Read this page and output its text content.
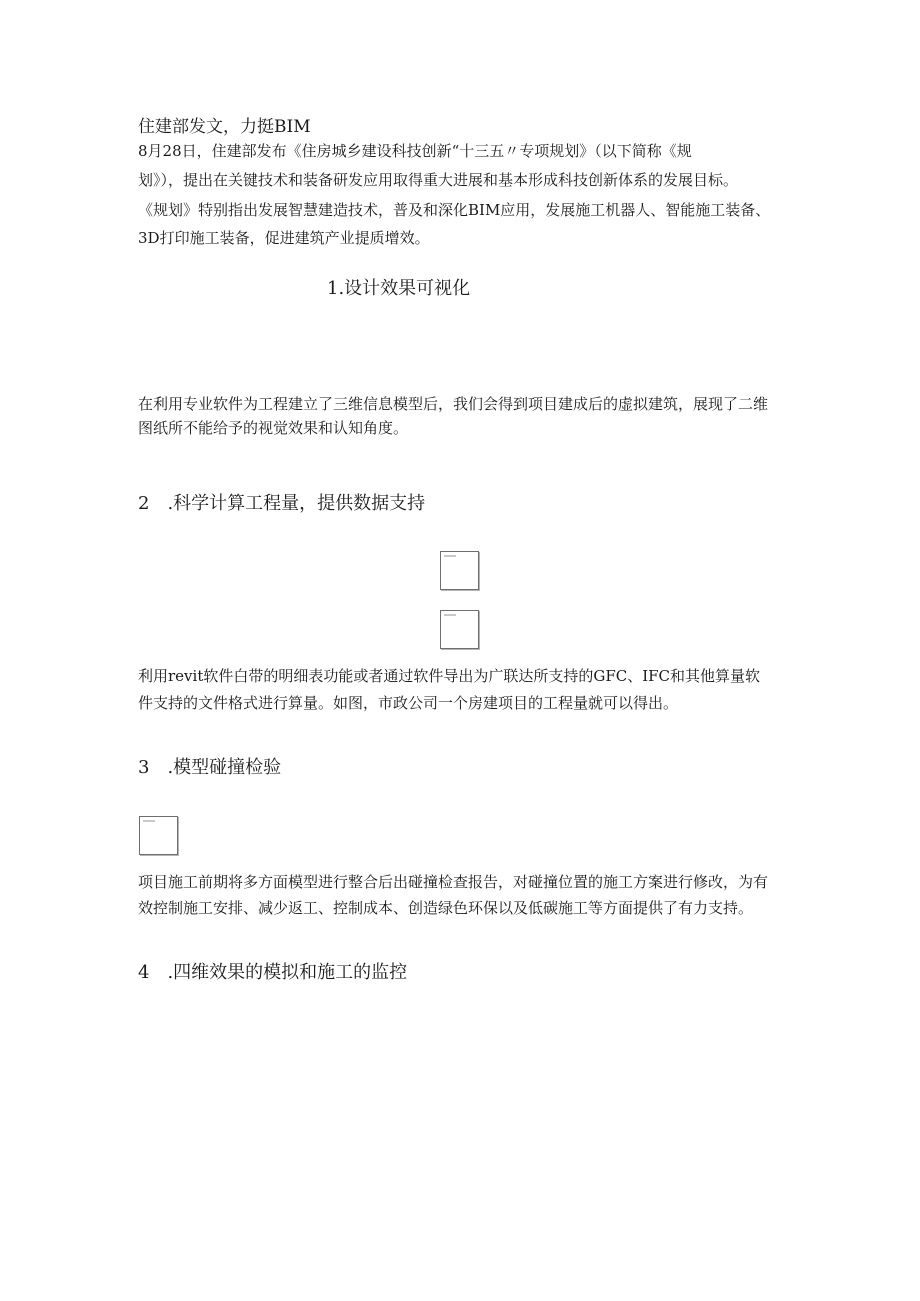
住建部发文，力挺BIM
8月28日，住建部发布《住房城乡建设科技创新“十三五〃专项规划》（以下简称《规
划》），提出在关键技术和装备研发应用取得重大进展和基本形成科技创新体系的发展目标。
《规划》特别指出发展智慧建造技术，普及和深化BIM应用，发展施工机器人、智能施工装备、
3D打印施工装备，促进建筑产业提质增效。
1.设计效果可视化
在利用专业软件为工程建立了三维信息模型后，我们会得到项目建成后的虚拟建筑，展现了二维
图纸所不能给予的视觉效果和认知角度。
2　.科学计算工程量，提供数据支持
利用revit软件白带的明细表功能或者通过软件导出为广联达所支持的GFC、IFC和其他算量软
件支持的文件格式进行算量。如图，市政公司一个房建项目的工程量就可以得出。
3　.模型碰撞检验
项目施工前期将多方面模型进行整合后出碰撞检查报告，对碰撞位置的施工方案进行修改，为有
效控制施工安排、减少返工、控制成本、创造绿色环保以及低碳施工等方面提供了有力支持。
4　.四维效果的模拟和施工的监控
